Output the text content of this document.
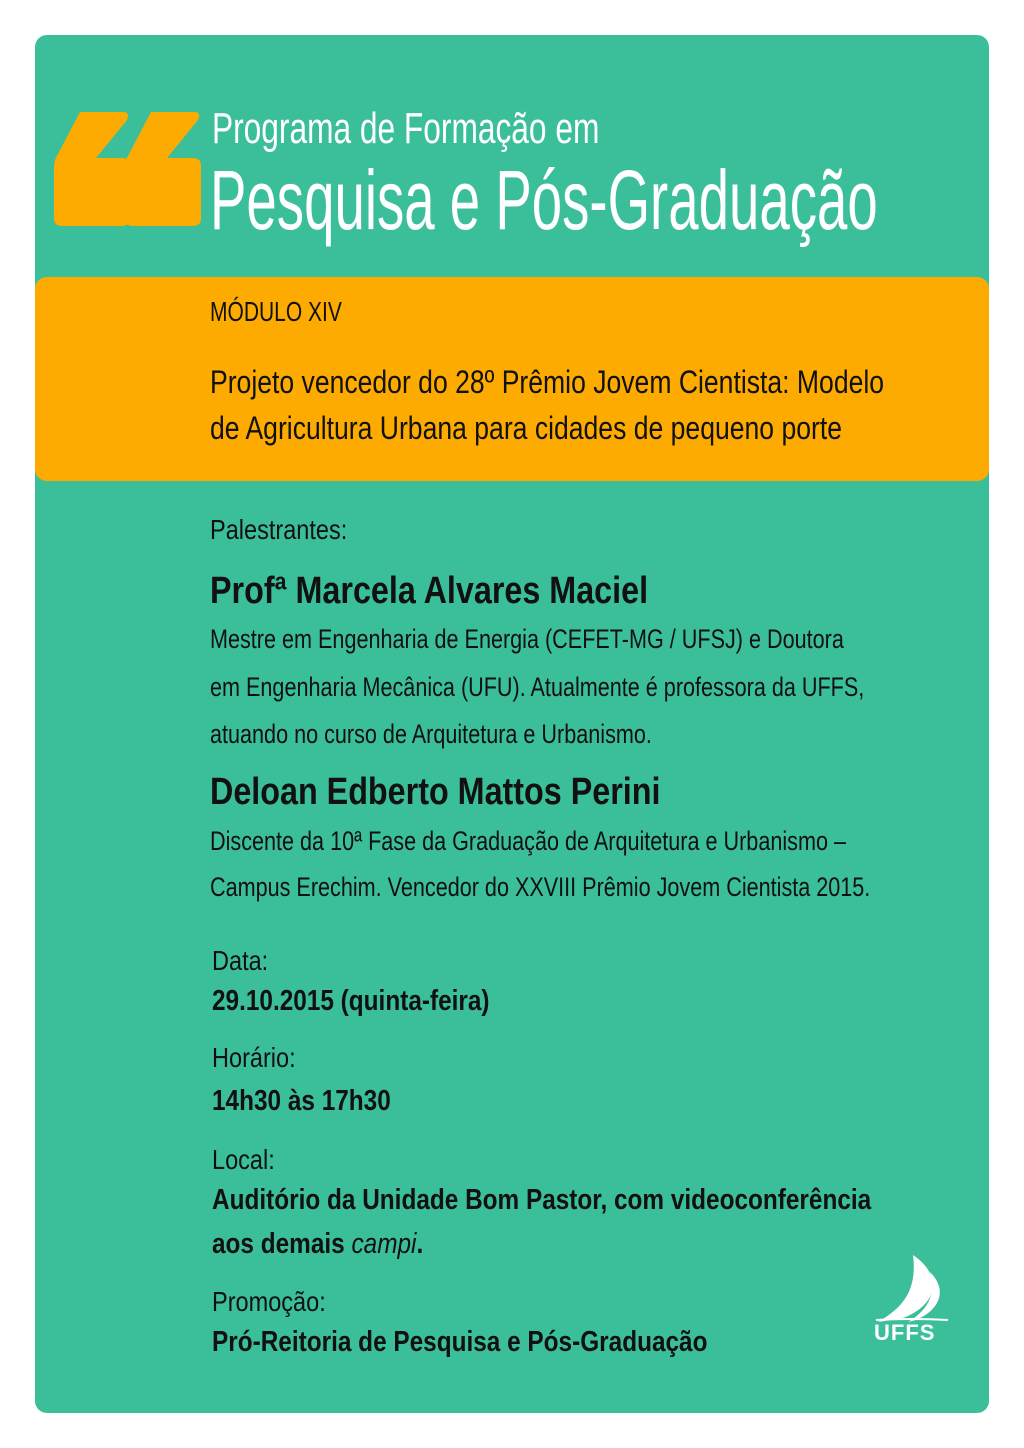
Programa de Formação em
Pesquisa e Pós-Graduação
MÓDULO XIV
Projeto vencedor do 28º Prêmio Jovem Cientista: Modelo
de Agricultura Urbana para cidades de pequeno porte
Palestrantes:
Profª Marcela Alvares Maciel
Mestre em Engenharia de Energia (CEFET-MG / UFSJ) e Doutora
em Engenharia Mecânica (UFU). Atualmente é professora da UFFS,
atuando no curso de Arquitetura e Urbanismo.
Deloan Edberto Mattos Perini
Discente da 10ª Fase da Graduação de Arquitetura e Urbanismo –
Campus Erechim. Vencedor do XXVIII Prêmio Jovem Cientista 2015.
Data:
29.10.2015 (quinta-feira)
Horário:
14h30 às 17h30
Local:
Auditório da Unidade Bom Pastor, com videoconferência
aos demais campi.
Promoção:
Pró-Reitoria de Pesquisa e Pós-Graduação	UFFS
